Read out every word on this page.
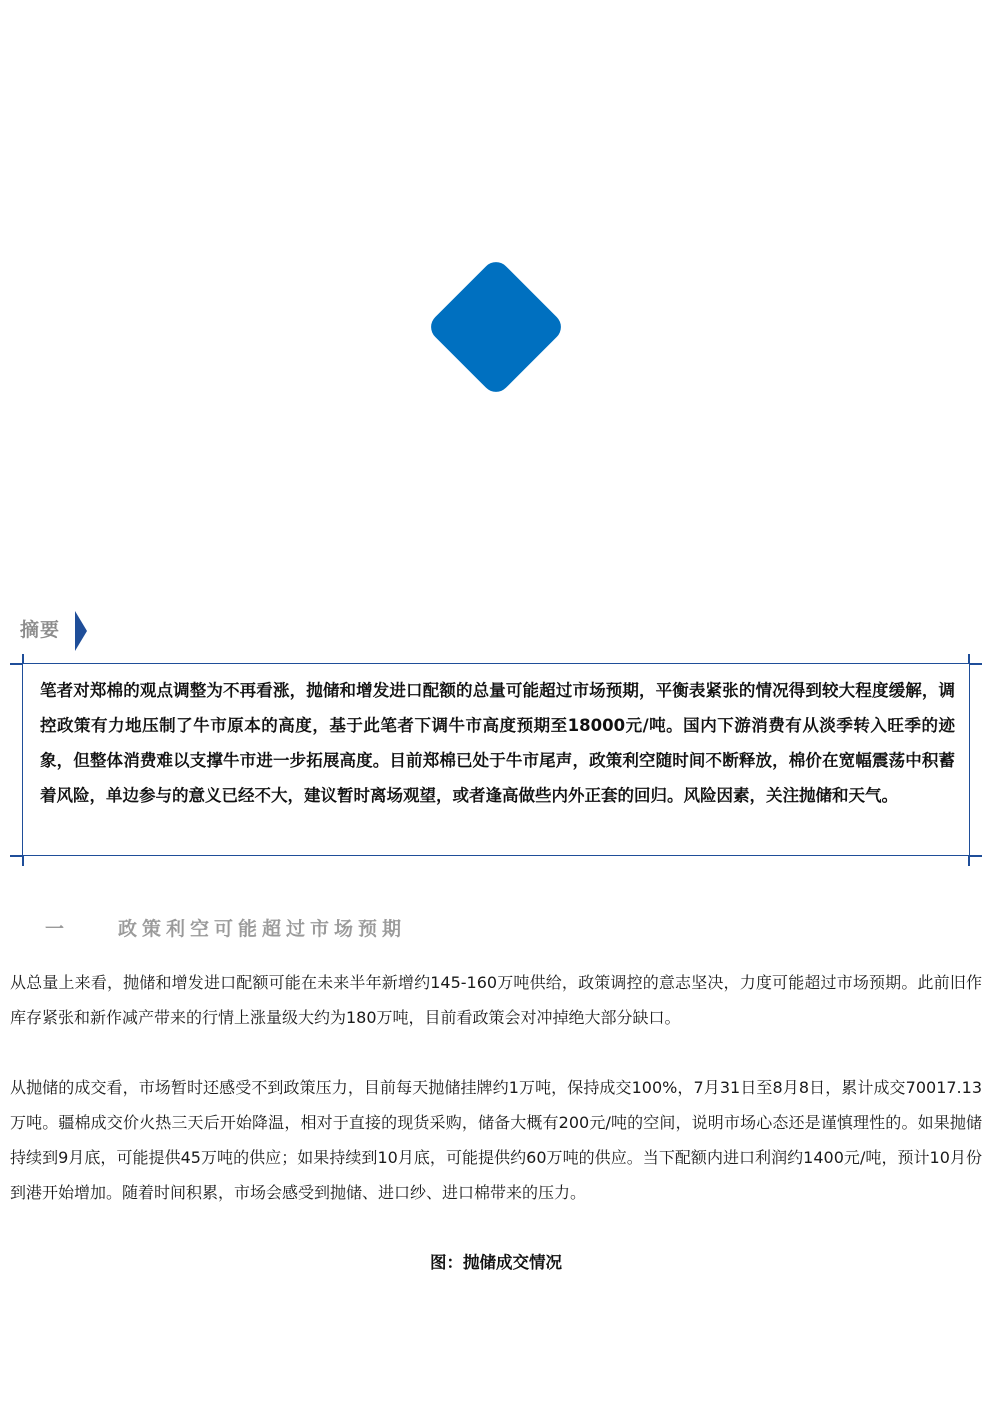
摘要
笔者对郑棉的观点调整为不再看涨，抛储和增发进口配额的总量可能超过市场预期，平衡表紧张的情况得到较大程度缓解，调控政策有力地压制了牛市原本的高度，基于此笔者下调牛市高度预期至18000元/吨。国内下游消费有从淡季转入旺季的迹象，但整体消费难以支撑牛市进一步拓展高度。目前郑棉已处于牛市尾声，政策利空随时间不断释放，棉价在宽幅震荡中积蓄着风险，单边参与的意义已经不大，建议暂时离场观望，或者逢高做些内外正套的回归。风险因素，关注抛储和天气。
一	政策利空可能超过市场预期

从总量上来看，抛储和增发进口配额可能在未来半年新增约145-160万吨供给，政策调控的意志坚决，力度可能超过市场预期。此前旧作库存紧张和新作减产带来的行情上涨量级大约为180万吨，目前看政策会对冲掉绝大部分缺口。

从抛储的成交看，市场暂时还感受不到政策压力，目前每天抛储挂牌约1万吨，保持成交100%，7月31日至8月8日，累计成交70017.13万吨。疆棉成交价火热三天后开始降温，相对于直接的现货采购，储备大概有200元/吨的空间，说明市场心态还是谨慎理性的。如果抛储持续到9月底，可能提供45万吨的供应；如果持续到10月底，可能提供约60万吨的供应。当下配额内进口利润约1400元/吨，预计10月份到港开始增加。随着时间积累，市场会感受到抛储、进口纱、进口棉带来的压力。

图：抛储成交情况
